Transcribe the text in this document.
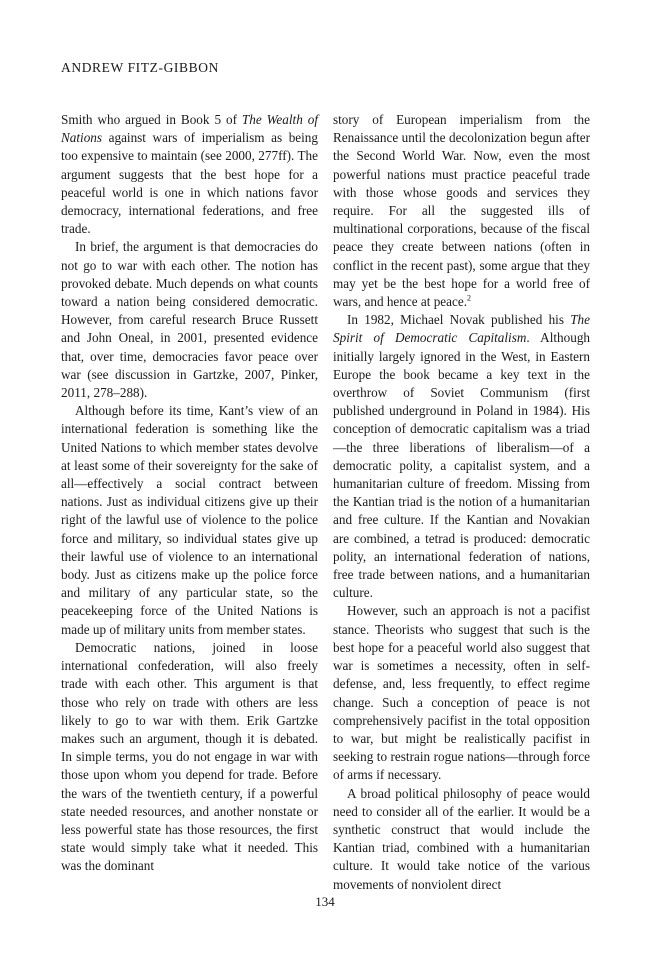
ANDREW FITZ-GIBBON

Smith who argued in Book 5 of The Wealth of Nations against wars of imperialism as being too expensive to maintain (see 2000, 277ff). The argument suggests that the best hope for a peaceful world is one in which nations favor democracy, international federations, and free trade.

In brief, the argument is that democracies do not go to war with each other. The notion has provoked debate. Much depends on what counts toward a nation being considered democratic. However, from careful research Bruce Russett and John Oneal, in 2001, presented evidence that, over time, democracies favor peace over war (see discussion in Gartzke, 2007, Pinker, 2011, 278–288).

Although before its time, Kant’s view of an international federation is something like the United Nations to which member states devolve at least some of their sovereignty for the sake of all—effectively a social contract between nations. Just as individual citizens give up their right of the lawful use of violence to the police force and military, so individual states give up their lawful use of violence to an international body. Just as citizens make up the police force and military of any particular state, so the peacekeeping force of the United Nations is made up of military units from member states.

Democratic nations, joined in loose international confederation, will also freely trade with each other. This argument is that those who rely on trade with others are less likely to go to war with them. Erik Gartzke makes such an argument, though it is debated. In simple terms, you do not engage in war with those upon whom you depend for trade. Before the wars of the twentieth century, if a powerful state needed resources, and another nonstate or less powerful state has those resources, the first state would simply take what it needed. This was the dominant

story of European imperialism from the Renaissance until the decolonization begun after the Second World War. Now, even the most powerful nations must practice peaceful trade with those whose goods and services they require. For all the suggested ills of multinational corporations, because of the fiscal peace they create between nations (often in conflict in the recent past), some argue that they may yet be the best hope for a world free of wars, and hence at peace.$^2$

In 1982, Michael Novak published his The Spirit of Democratic Capitalism. Although initially largely ignored in the West, in Eastern Europe the book became a key text in the overthrow of Soviet Communism (first published underground in Poland in 1984). His conception of democratic capitalism was a triad—the three liberations of liberalism—of a democratic polity, a capitalist system, and a humanitarian culture of freedom. Missing from the Kantian triad is the notion of a humanitarian and free culture. If the Kantian and Novakian are combined, a tetrad is produced: democratic polity, an international federation of nations, free trade between nations, and a humanitarian culture.

However, such an approach is not a pacifist stance. Theorists who suggest that such is the best hope for a peaceful world also suggest that war is sometimes a necessity, often in self-defense, and, less frequently, to effect regime change. Such a conception of peace is not comprehensively pacifist in the total opposition to war, but might be realistically pacifist in seeking to restrain rogue nations—through force of arms if necessary.

A broad political philosophy of peace would need to consider all of the earlier. It would be a synthetic construct that would include the Kantian triad, combined with a humanitarian culture. It would take notice of the various movements of nonviolent direct

134
